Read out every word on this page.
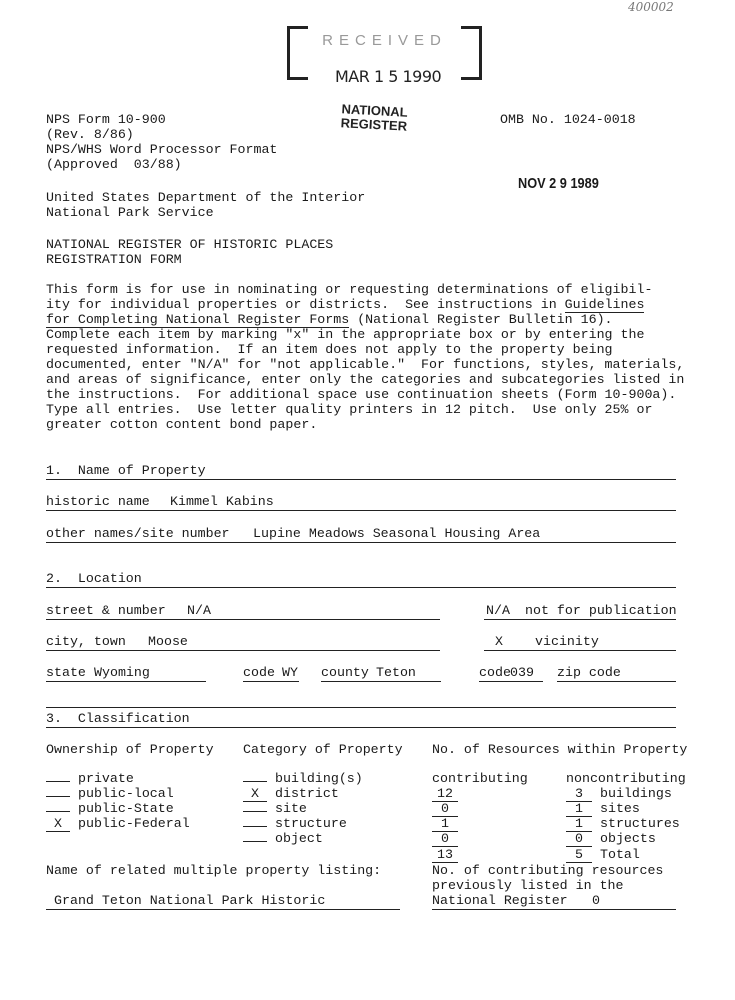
400002
RECEIVED
MAR 1 5 1990
NATIONAL
REGISTER
NPS Form 10-900
(Rev. 8/86)
NPS/WHS Word Processor Format
(Approved  03/88)
OMB No. 1024-0018
NOV 2 9 1989
United States Department of the Interior
National Park Service
NATIONAL REGISTER OF HISTORIC PLACES
REGISTRATION FORM
This form is for use in nominating or requesting determinations of eligibil-
ity for individual properties or districts.  See instructions in Guidelines
for Completing National Register Forms (National Register Bulletin 16).
Complete each item by marking "x" in the appropriate box or by entering the
requested information.  If an item does not apply to the property being
documented, enter "N/A" for "not applicable."  For functions, styles, materials,
and areas of significance, enter only the categories and subcategories listed in
the instructions.  For additional space use continuation sheets (Form 10-900a).
Type all entries.  Use letter quality printers in 12 pitch.  Use only 25% or
greater cotton content bond paper.
1.  Name of Property
historic name Kimmel Kabins
other names/site number Lupine Meadows Seasonal Housing Area
2.  Location
street & number N/A	N/A not for publication
city, town Moose	X vicinity
state Wyoming	code WY county Teton	code 039 zip code
3.  Classification
Ownership of Property Category of Property No. of Resources within Property
private
public-local
public-State
X public-Federal
building(s)
X district
site
structure
object
contributing	noncontributing
12	3 buildings
0	1 sites
1	1 structures
0	0 objects
13	5 Total
Name of related multiple property listing:
Grand Teton National Park Historic
No. of contributing resources
previously listed in the
National Register 0
